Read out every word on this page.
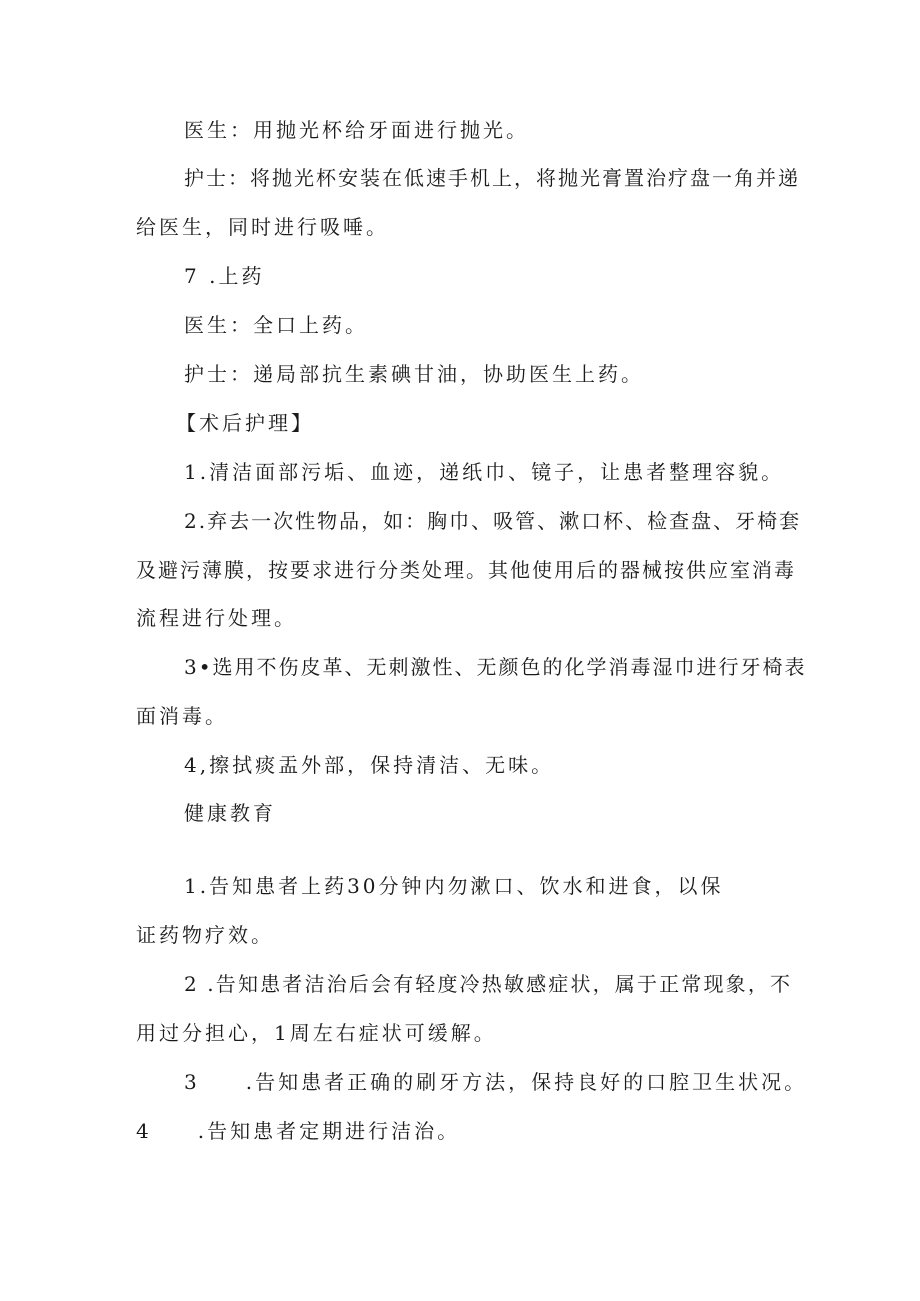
医生：用抛光杯给牙面进行抛光。

护士：将抛光杯安装在低速手机上，将抛光膏置治疗盘一角并递

给医生，同时进行吸唾。

7 .上药

医生：全口上药。

护士：递局部抗生素碘甘油，协助医生上药。

【术后护理】

1.清洁面部污垢、血迹，递纸巾、镜子，让患者整理容貌。

2.弃去一次性物品，如：胸巾、吸管、漱口杯、检查盘、牙椅套

及避污薄膜，按要求进行分类处理。其他使用后的器械按供应室消毒

流程进行处理。

3•选用不伤皮革、无刺激性、无颜色的化学消毒湿巾进行牙椅表

面消毒。

4,擦拭痰盂外部，保持清洁、无味。

健康教育

1.告知患者上药30分钟内勿漱口、饮水和进食，以保

证药物疗效。

2 .告知患者洁治后会有轻度冷热敏感症状，属于正常现象，不

用过分担心，1周左右症状可缓解。

3　　.告知患者正确的刷牙方法，保持良好的口腔卫生状况。

4　　.告知患者定期进行洁治。
